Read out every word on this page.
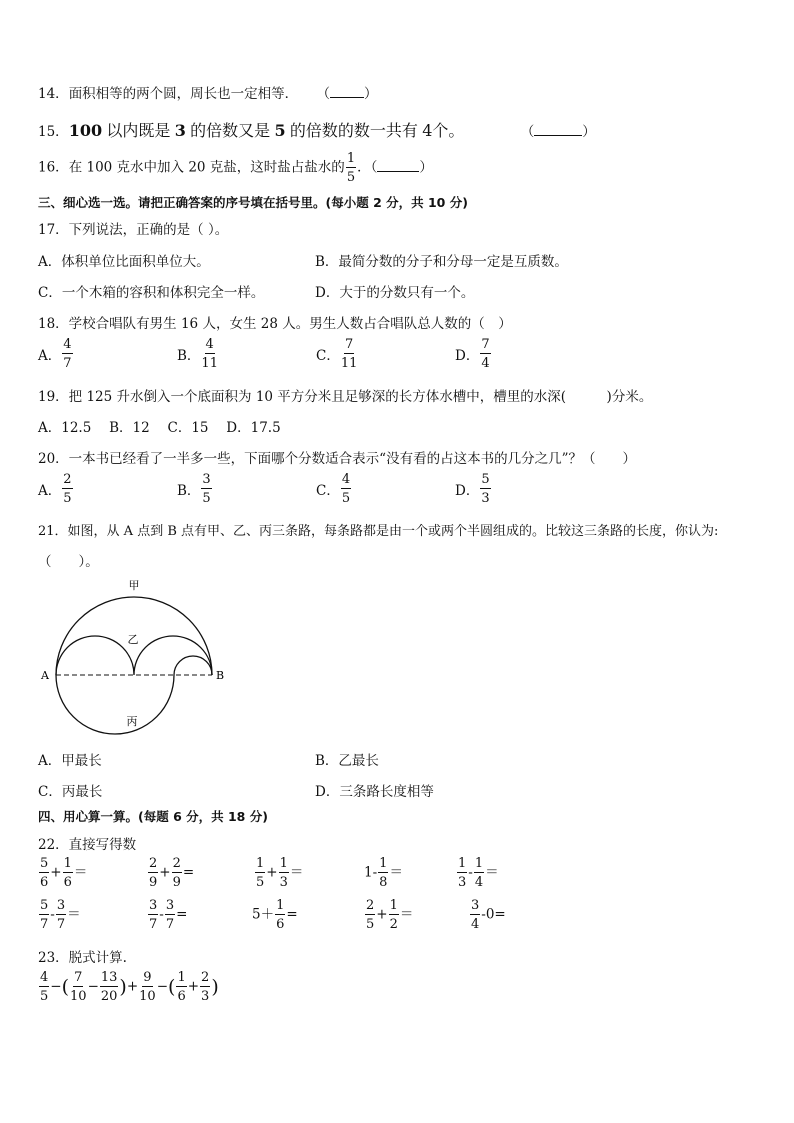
14．面积相等的两个圆，周长也一定相等． （	）
15．100 以内既是 3 的倍数又是 5 的倍数的数一共有 4个。	（	）
16．在 100 克水中加入 20 克盐，这时盐占盐水的 $\frac{1}{5}$ ．（	）
三、细心选一选。请把正确答案的序号填在括号里。(每小题 2 分，共 10 分)
17．下列说法，正确的是（ ）。
A．体积单位比面积单位大。	B．最简分数的分子和分母一定是互质数。
C．一个木箱的容积和体积完全一样。	D．大于的分数只有一个。
18．学校合唱队有男生 16 人，女生 28 人。男生人数占合唱队总人数的（　）
A． $\frac{4}{7}$	B． $\frac{4}{11}$	C． $\frac{7}{11}$	D． $\frac{7}{4}$
19．把 125 升水倒入一个底面积为 10 平方分米且足够深的长方体水槽中，槽里的水深(　　　)分米。
A．12.5　 B．12　 C．15　 D．17.5
20．一本书已经看了一半多一些，下面哪个分数适合表示“没有看的占这本书的几分之几”？（　　）
A． $\frac{2}{5}$	B． $\frac{3}{5}$	C． $\frac{4}{5}$	D． $\frac{5}{3}$
21．如图，从 A 点到 B 点有甲、乙、丙三条路，每条路都是由一个或两个半圆组成的。比较这三条路的长度，你认为:
（　　）。
甲
乙
丙
A	B
A．甲最长	B．乙最长
C．丙最长	D．三条路长度相等
四、用心算一算。(每题 6 分，共 18 分)
22．直接写得数
$\frac{5}{6} + \frac{1}{6}$ ＝	$\frac{2}{9} + \frac{2}{9}$ =	$\frac{1}{5} + \frac{1}{3}$ ＝	$1- \frac{1}{8}$ ＝	$\frac{1}{3} - \frac{1}{4}$ ＝
$\frac{5}{7} - \frac{3}{7}$ ＝	$\frac{3}{7} - \frac{3}{7}$ =	$5+ \frac{1}{6}$ =	$\frac{2}{5} + \frac{1}{2}$ ＝	$\frac{3}{4} -0=$
23．脱式计算.
$\frac{4}{5}$ −( $\frac{7}{10} - \frac{13}{20}$ )+ $\frac{9}{10}$ −( $\frac{1}{6} + \frac{2}{3}$ )
